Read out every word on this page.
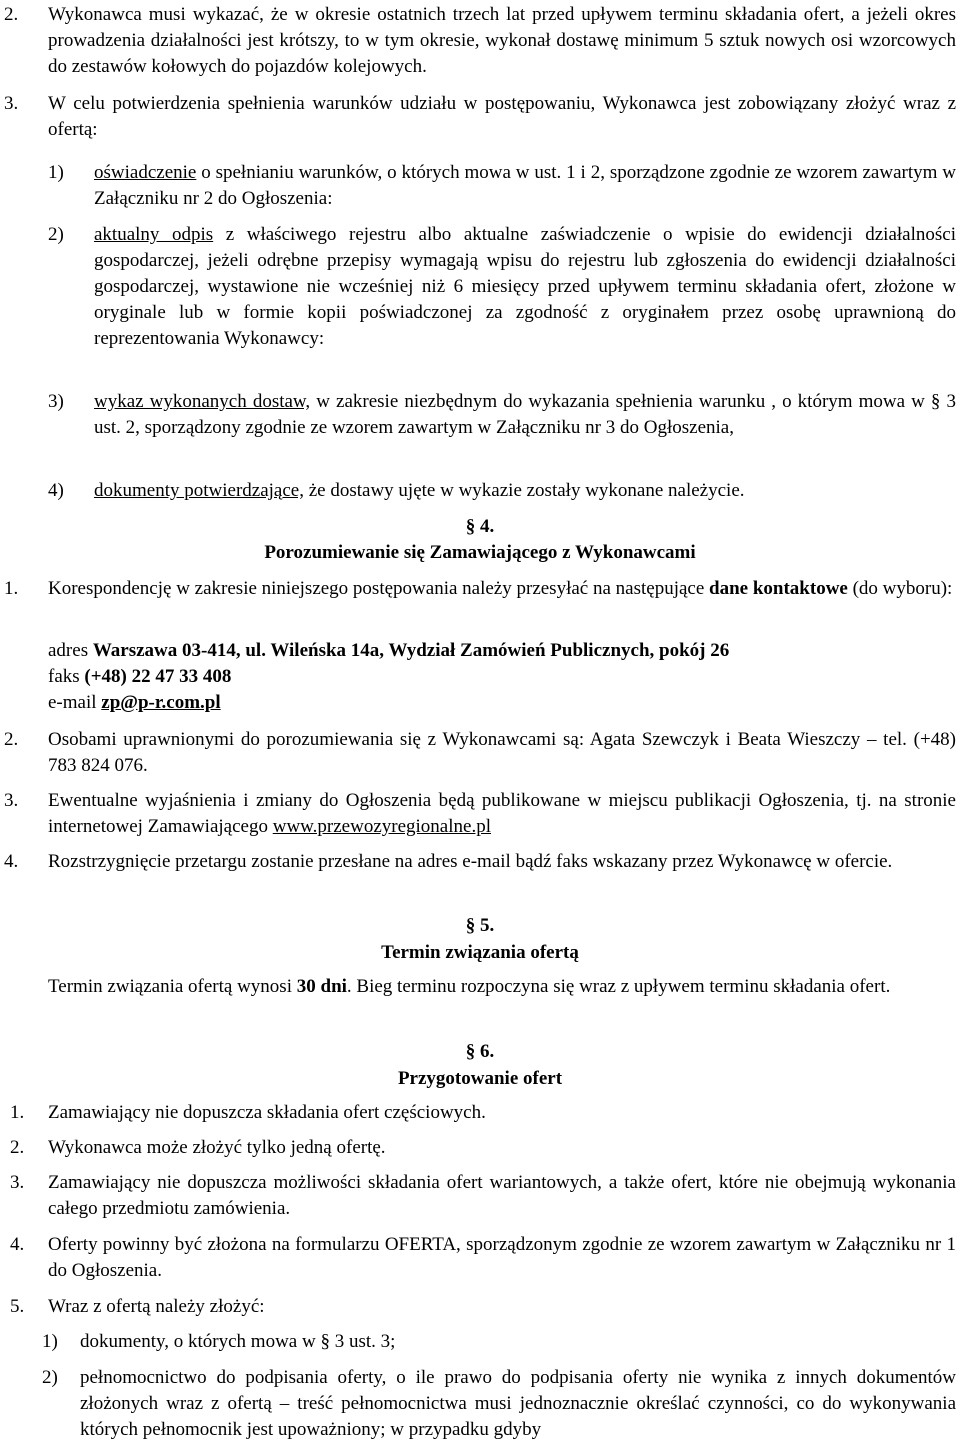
2. Wykonawca musi wykazać, że w okresie ostatnich trzech lat przed upływem terminu składania ofert, a jeżeli okres prowadzenia działalności jest krótszy, to w tym okresie, wykonał dostawę minimum 5 sztuk nowych osi wzorcowych do zestawów kołowych do pojazdów kolejowych.
3. W celu potwierdzenia spełnienia warunków udziału w postępowaniu, Wykonawca jest zobowiązany złożyć wraz z ofertą:
1) oświadczenie o spełnianiu warunków, o których mowa w ust. 1 i 2, sporządzone zgodnie ze wzorem zawartym w Załączniku nr 2 do Ogłoszenia:
2) aktualny odpis z właściwego rejestru albo aktualne zaświadczenie o wpisie do ewidencji działalności gospodarczej, jeżeli odrębne przepisy wymagają wpisu do rejestru lub zgłoszenia do ewidencji działalności gospodarczej, wystawione nie wcześniej niż 6 miesięcy przed upływem terminu składania ofert, złożone w oryginale lub w formie kopii poświadczonej za zgodność z oryginałem przez osobę uprawnioną do reprezentowania Wykonawcy:
3) wykaz wykonanych dostaw, w zakresie niezbędnym do wykazania spełnienia warunku , o którym mowa w § 3 ust. 2, sporządzony zgodnie ze wzorem zawartym w Załączniku nr 3 do Ogłoszenia,
4) dokumenty potwierdzające, że dostawy ujęte w wykazie zostały wykonane należycie.
§ 4.
Porozumiewanie się Zamawiającego z Wykonawcami
1. Korespondencję w zakresie niniejszego postępowania należy przesyłać na następujące dane kontaktowe (do wyboru):
adres Warszawa 03-414, ul. Wileńska 14a, Wydział Zamówień Publicznych, pokój 26
faks (+48) 22 47 33 408
e-mail zp@p-r.com.pl
2. Osobami uprawnionymi do porozumiewania się z Wykonawcami są: Agata Szewczyk i Beata Wieszczy – tel. (+48) 783 824 076.
3. Ewentualne wyjaśnienia i zmiany do Ogłoszenia będą publikowane w miejscu publikacji Ogłoszenia, tj. na stronie internetowej Zamawiającego www.przewozyregionalne.pl
4. Rozstrzygnięcie przetargu zostanie przesłane na adres e-mail bądź faks wskazany przez Wykonawcę w ofercie.
§ 5.
Termin związania ofertą
Termin związania ofertą wynosi 30 dni. Bieg terminu rozpoczyna się wraz z upływem terminu składania ofert.
§ 6.
Przygotowanie ofert
1. Zamawiający nie dopuszcza składania ofert częściowych.
2. Wykonawca może złożyć tylko jedną ofertę.
3. Zamawiający nie dopuszcza możliwości składania ofert wariantowych, a także ofert, które nie obejmują wykonania całego przedmiotu zamówienia.
4. Oferty powinny być złożona na formularzu OFERTA, sporządzonym zgodnie ze wzorem zawartym w Załączniku nr 1 do Ogłoszenia.
5. Wraz z ofertą należy złożyć:
1) dokumenty, o których mowa w § 3 ust. 3;
2) pełnomocnictwo do podpisania oferty, o ile prawo do podpisania oferty nie wynika z innych dokumentów złożonych wraz z ofertą – treść pełnomocnictwa musi jednoznacznie określać czynności, co do wykonywania których pełnomocnik jest upoważniony; w przypadku gdyby
